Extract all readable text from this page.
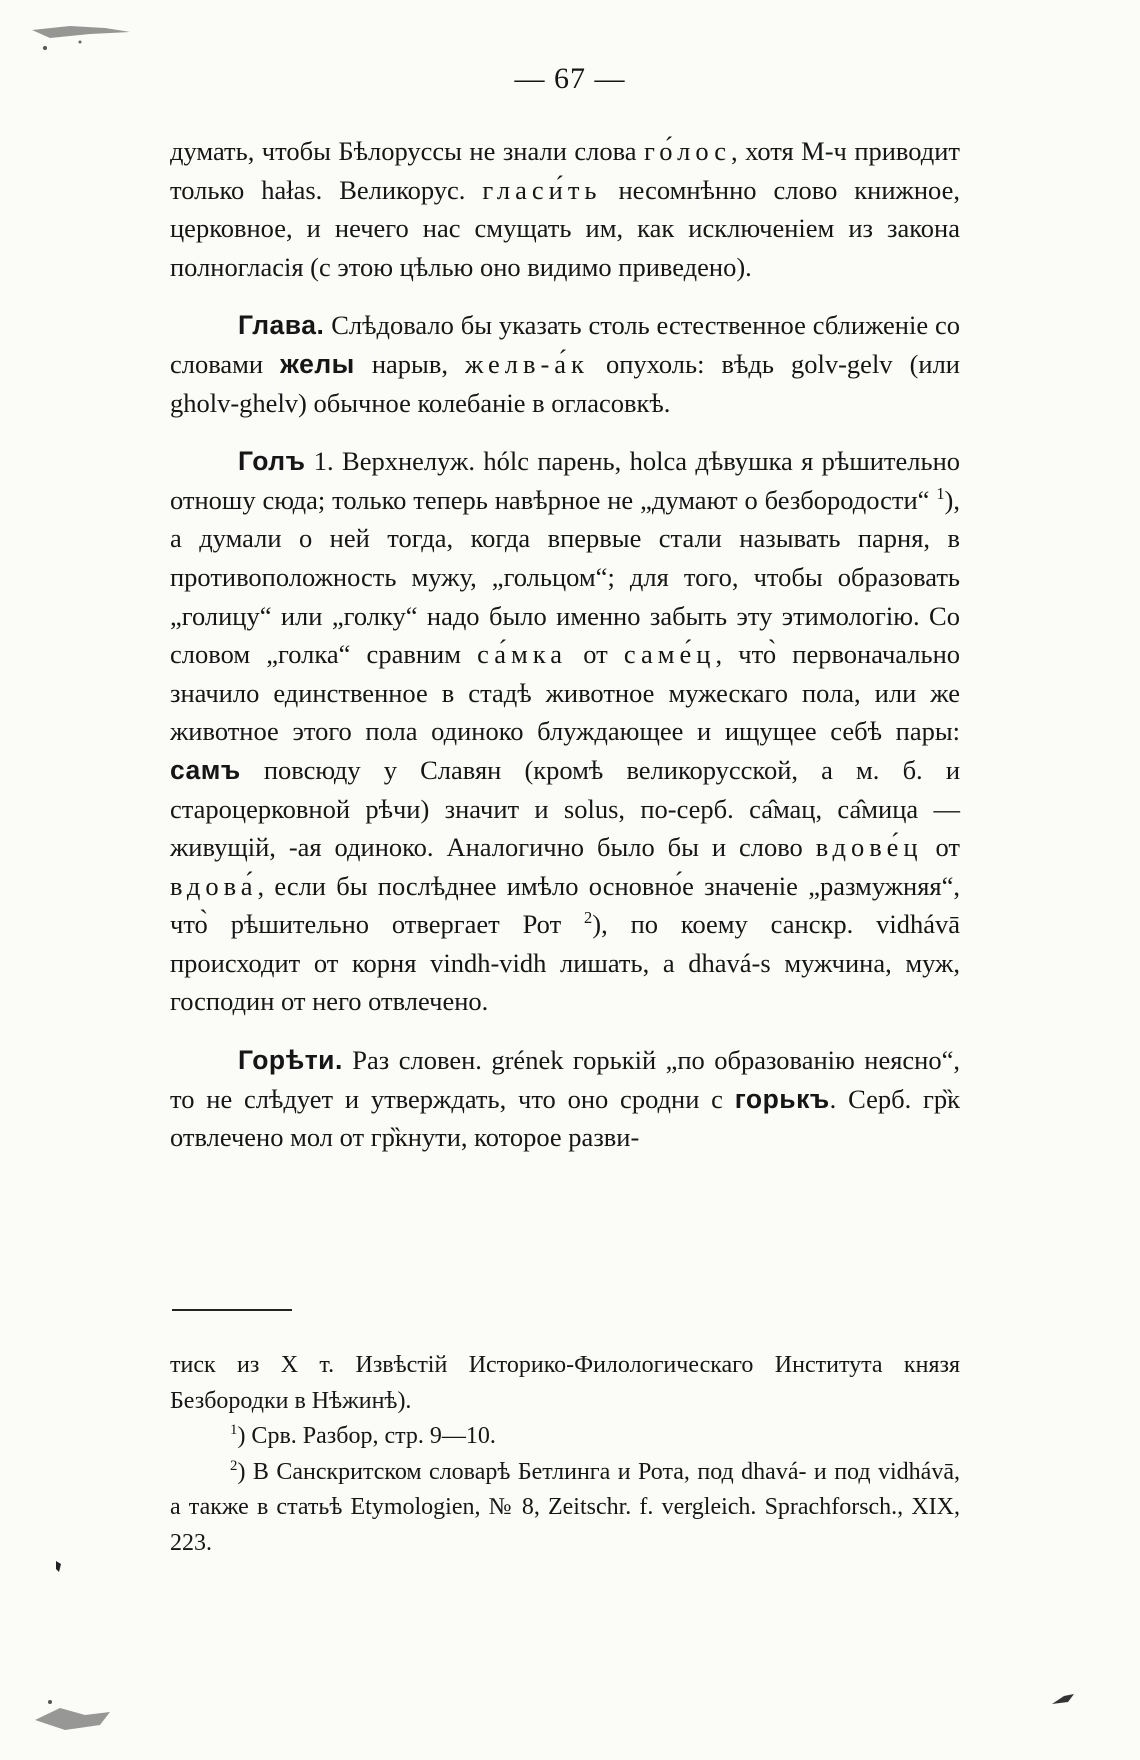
— 67 —

думать, чтобы Бѣлоруссы не знали слова го́лос, хотя М-ч приводит только hałas. Великорус. гласи́ть несомнѣнно слово книжное, церковное, и нечего нас смущать им, как исключеніем из закона полногласія (с этою цѣлью оно видимо приведено).

Глава. Слѣдовало бы указать столь естественное сближеніе со словами желы нарыв, желв-а́к опухоль: вѣдь golv-gelv (или gholv-ghelv) обычное колебаніе в огласовкѣ.

Голъ 1. Верхнелуж. hólc парень, holca дѣвушка я рѣшительно отношу сюда; только теперь навѣрное не „думают о безбородости“ $^1$), а думали о ней тогда, когда впервые стали называть парня, в противоположность мужу, „гольцом“; для того, чтобы образовать „голицу“ или „голку“ надо было именно забыть эту этимологію. Со словом „голка“ сравним са́мка от саме́ц, что̀ первоначально значило единственное в стадѣ животное мужескаго пола, или же животное этого пола одиноко блуждающее и ищущее себѣ пары: самъ повсюду у Славян (кромѣ великорусской, а м. б. и староцерковной рѣчи) значит и solus, по-серб. са̂мац, са̂мица — живущій, -ая одиноко. Аналогично было бы и слово вдове́ц от вдова́, если бы послѣднее имѣло основно́е значеніе „размужняя“, что̀ рѣшительно отвергает Рот $^2$), по коему санскр. vidhávā происходит от корня vindh-vidh лишать, а dhavá-s мужчина, муж, господин от него отвлечено.

Горѣти. Раз словен. grének горькій „по образованію неясно“, то не слѣдует и утверждать, что оно сродни с горькъ. Серб. гр̏к отвлечено мол от гр̏кнути, которое разви-

тиск из X т. Извѣстій Историко-Филологическаго Института князя Безбородки в Нѣжинѣ).

$^1$) Срв. Разбор, стр. 9—10.

$^2$) В Санскритском словарѣ Бетлинга и Рота, под dhavá- и под vidhávā, а также в статьѣ Etymologien, № 8, Zeitschr. f. vergleich. Sprachforsch., XIX, 223.
